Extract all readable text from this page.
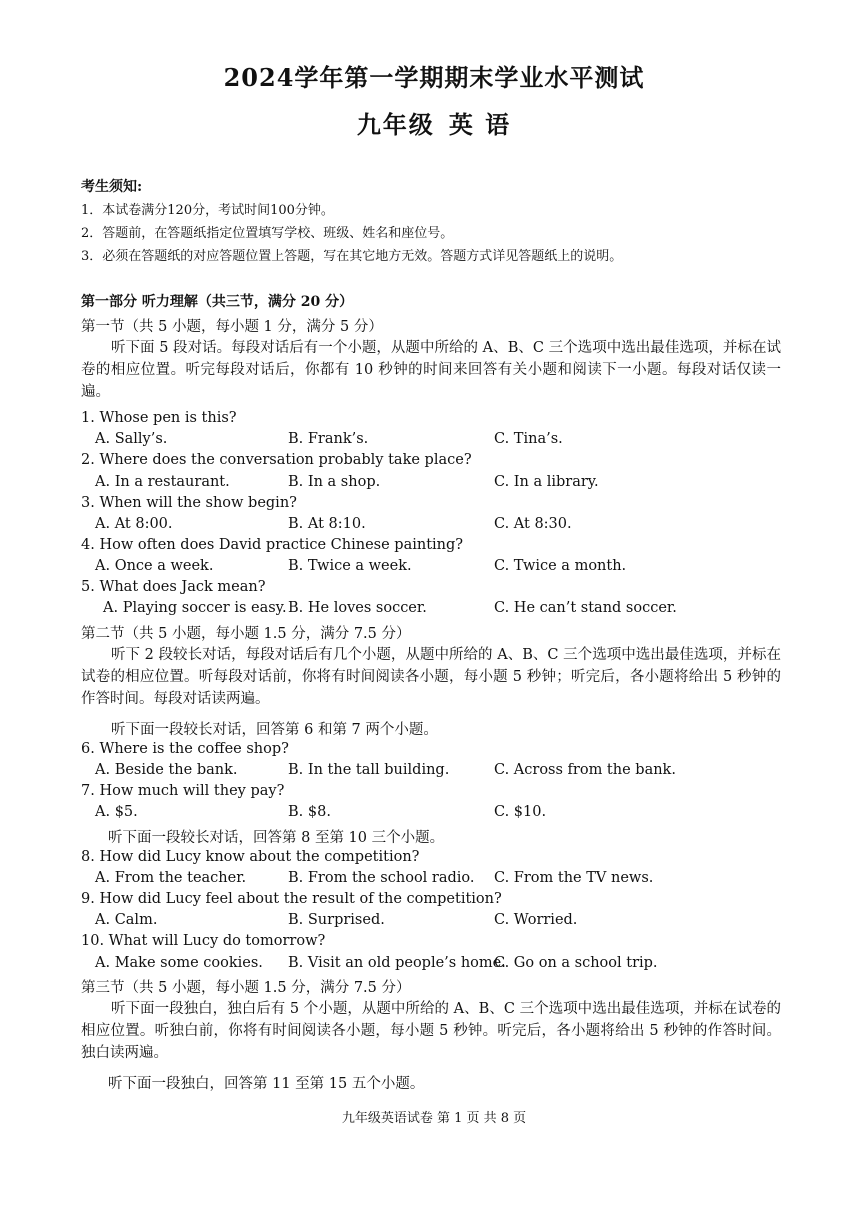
2024学年第一学期期末学业水平测试
九年级 英 语
考生须知:
1．本试卷满分120分，考试时间100分钟。
2．答题前，在答题纸指定位置填写学校、班级、姓名和座位号。
3．必须在答题纸的对应答题位置上答题，写在其它地方无效。答题方式详见答题纸上的说明。
第一部分 听力理解（共三节，满分 20 分）
第一节（共 5 小题，每小题 1 分，满分 5 分）
听下面 5 段对话。每段对话后有一个小题，从题中所给的 A、B、C 三个选项中选出最佳选项，并标在试卷的相应位置。听完每段对话后，你都有 10 秒钟的时间来回答有关小题和阅读下一小题。每段对话仅读一遍。
1. Whose pen is this?
A. Sally’s.	B. Frank’s.	C. Tina’s.
2. Where does the conversation probably take place?
A. In a restaurant.	B. In a shop.	C. In a library.
3. When will the show begin?
A. At 8:00.	B. At 8:10.	C. At 8:30.
4. How often does David practice Chinese painting?
A. Once a week.	B. Twice a week.	C. Twice a month.
5. What does Jack mean?
A. Playing soccer is easy. B. He loves soccer.	C. He can’t stand soccer.
第二节（共 5 小题，每小题 1.5 分，满分 7.5 分）
听下 2 段较长对话，每段对话后有几个小题，从题中所给的 A、B、C 三个选项中选出最佳选项，并标在试卷的相应位置。听每段对话前，你将有时间阅读各小题，每小题 5 秒钟；听完后，各小题将给出 5 秒钟的作答时间。每段对话读两遍。
听下面一段较长对话，回答第 6 和第 7 两个小题。
6. Where is the coffee shop?
A. Beside the bank.	B. In the tall building.	C. Across from the bank.
7. How much will they pay?
A. $5.	B. $8.	C. $10.
听下面一段较长对话，回答第 8 至第 10 三个小题。
8. How did Lucy know about the competition?
A. From the teacher.	B. From the school radio. C. From the TV news.
9. How did Lucy feel about the result of the competition?
A. Calm.	B. Surprised.	C. Worried.
10. What will Lucy do tomorrow?
A. Make some cookies. B. Visit an old people’s home.
C. Go on a school trip.
第三节（共 5 小题，每小题 1.5 分，满分 7.5 分）
听下面一段独白，独白后有 5 个小题，从题中所给的 A、B、C 三个选项中选出最佳选项，并标在试卷的相应位置。听独白前，你将有时间阅读各小题，每小题 5 秒钟。听完后，各小题将给出 5 秒钟的作答时间。独白读两遍。
听下面一段独白，回答第 11 至第 15 五个小题。
九年级英语试卷 第 1 页 共 8 页
